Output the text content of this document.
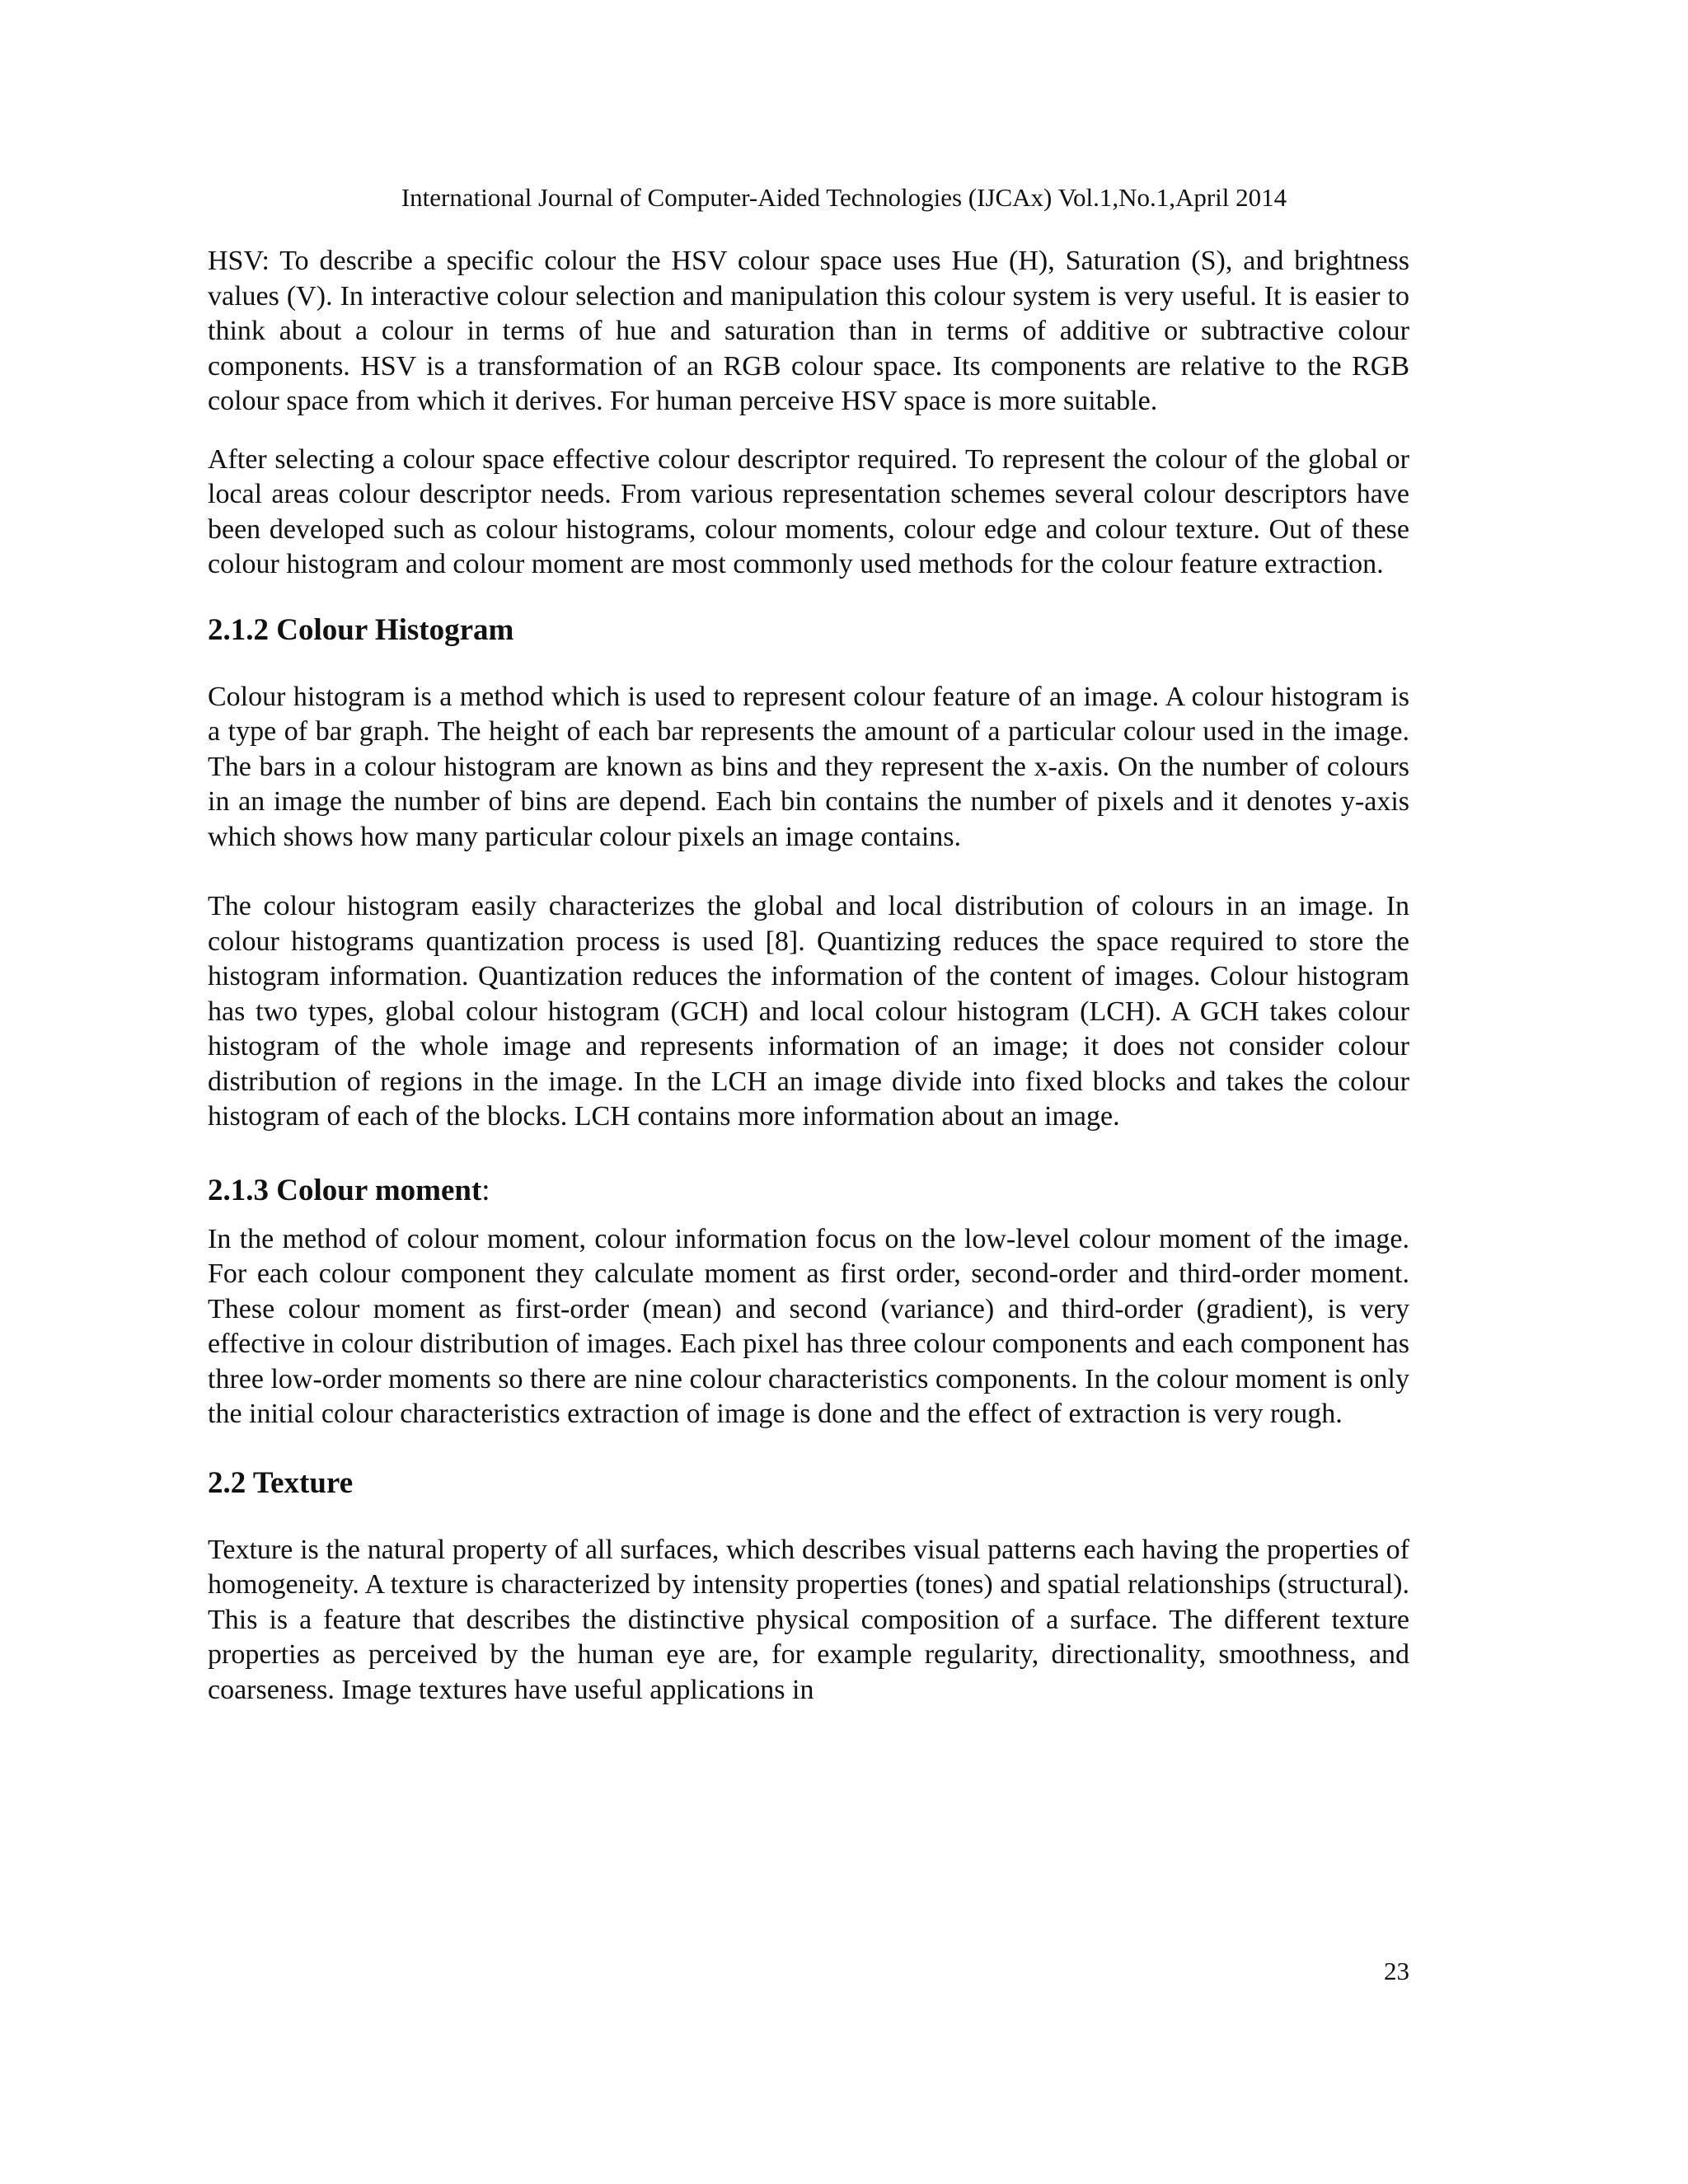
International Journal of Computer-Aided Technologies (IJCAx) Vol.1,No.1,April 2014

HSV: To describe a specific colour the HSV colour space uses Hue (H), Saturation (S), and brightness values (V). In interactive colour selection and manipulation this colour system is very useful. It is easier to think about a colour in terms of hue and saturation than in terms of additive or subtractive colour components. HSV is a transformation of an RGB colour space. Its components are relative to the RGB colour space from which it derives. For human perceive HSV space is more suitable.

After selecting a colour space effective colour descriptor required. To represent the colour of the global or local areas colour descriptor needs. From various representation schemes several colour descriptors have been developed such as colour histograms, colour moments, colour edge and colour texture. Out of these colour histogram and colour moment are most commonly used methods for the colour feature extraction.

2.1.2 Colour Histogram

Colour histogram is a method which is used to represent colour feature of an image. A colour histogram is a type of bar graph. The height of each bar represents the amount of a particular colour used in the image. The bars in a colour histogram are known as bins and they represent the x-axis. On the number of colours in an image the number of bins are depend. Each bin contains the number of pixels and it denotes y-axis which shows how many particular colour pixels an image contains.

The colour histogram easily characterizes the global and local distribution of colours in an image. In colour histograms quantization process is used [8]. Quantizing reduces the space required to store the histogram information. Quantization reduces the information of the content of images. Colour histogram has two types, global colour histogram (GCH) and local colour histogram (LCH). A GCH takes colour histogram of the whole image and represents information of an image; it does not consider colour distribution of regions in the image. In the LCH an image divide into fixed blocks and takes the colour histogram of each of the blocks. LCH contains more information about an image.

2.1.3 Colour moment:

In the method of colour moment, colour information focus on the low-level colour moment of the image. For each colour component they calculate moment as first order, second-order and third-order moment. These colour moment as first-order (mean) and second (variance) and third-order (gradient), is very effective in colour distribution of images. Each pixel has three colour components and each component has three low-order moments so there are nine colour characteristics components. In the colour moment is only the initial colour characteristics extraction of image is done and the effect of extraction is very rough.

2.2 Texture

Texture is the natural property of all surfaces, which describes visual patterns each having the properties of homogeneity. A texture is characterized by intensity properties (tones) and spatial relationships (structural). This is a feature that describes the distinctive physical composition of a surface. The different texture properties as perceived by the human eye are, for example regularity, directionality, smoothness, and coarseness. Image textures have useful applications in

23
